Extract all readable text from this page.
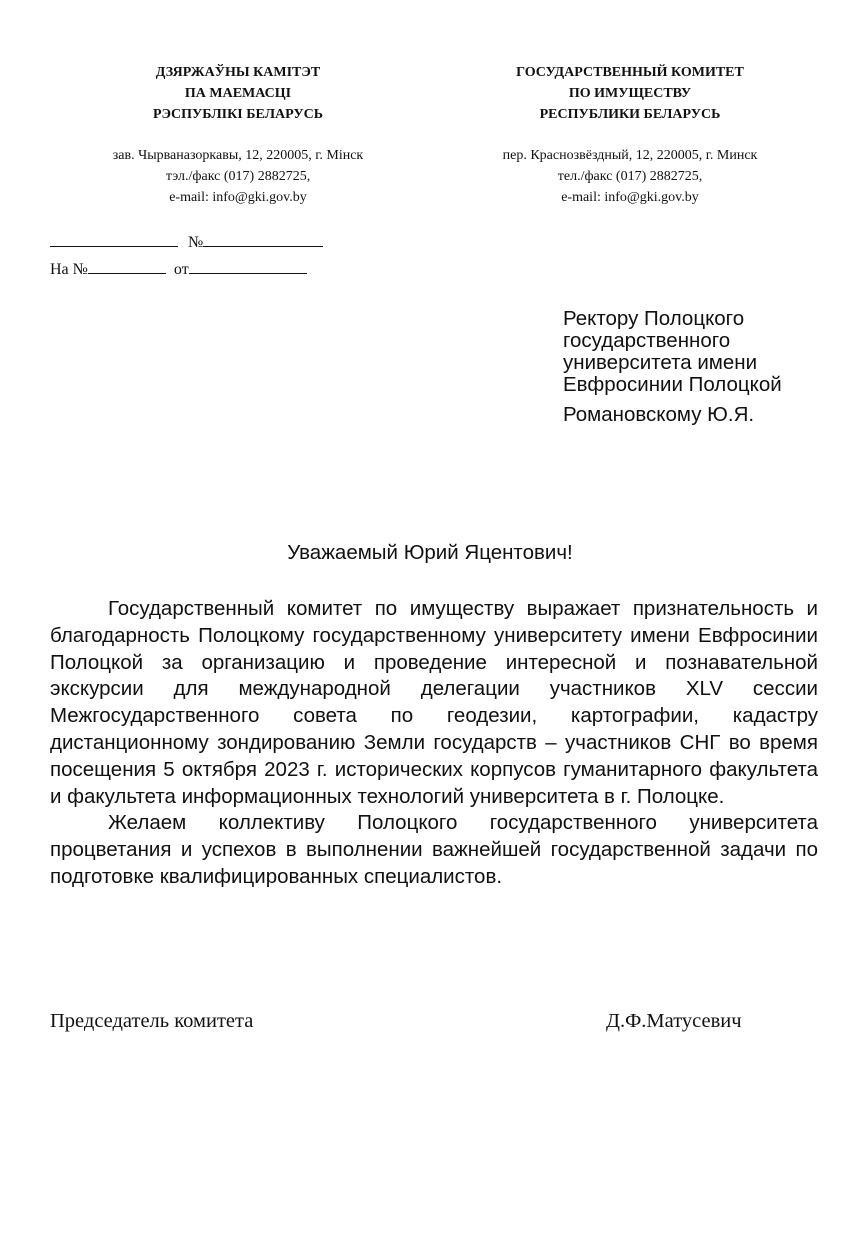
ДЗЯРЖАЎНЫ КАМІТЭТ
ПА МАЕМАСЦІ
РЭСПУБЛІКІ БЕЛАРУСЬ
зав. Чырваназоркавы, 12, 220005, г. Мінск
тэл./факс (017) 2882725,
e-mail: info@gki.gov.by
ГОСУДАРСТВЕННЫЙ КОМИТЕТ
ПО ИМУЩЕСТВУ
РЕСПУБЛИКИ БЕЛАРУСЬ
пер. Краснозвёздный, 12, 220005, г. Минск
тел./факс (017) 2882725,
e-mail: info@gki.gov.by
№
На №	от
Ректору Полоцкого
государственного
университета имени
Евфросинии Полоцкой
Романовскому Ю.Я.
Уважаемый Юрий Яцентович!

Государственный комитет по имуществу выражает признательность и благодарность Полоцкому государственному университету имени Евфросинии Полоцкой за организацию и проведение интересной и познавательной экскурсии для международной делегации участников XLV сессии Межгосударственного совета по геодезии, картографии, кадастру дистанционному зондированию Земли государств – участников СНГ во время посещения 5 октября 2023 г. исторических корпусов гуманитарного факультета и факультета информационных технологий университета в г. Полоцке.

Желаем коллективу Полоцкого государственного университета процветания и успехов в выполнении важнейшей государственной задачи по подготовке квалифицированных специалистов.

Председатель комитета	Д.Ф.Матусевич
